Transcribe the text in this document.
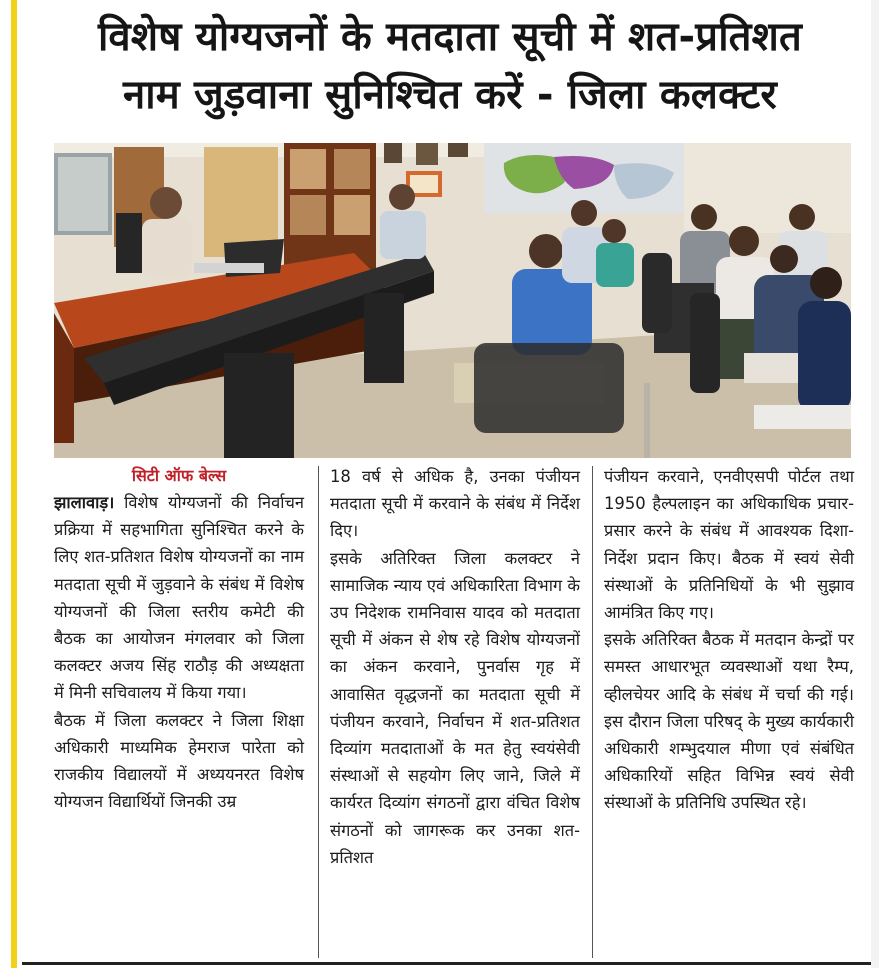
विशेष योग्यजनों के मतदाता सूची में शत-प्रतिशत
नाम जुड़वाना सुनिश्चित करें - जिला कलक्टर
सिटी ऑफ बेल्स

झालावाड़। विशेष योग्यजनों की निर्वाचन प्रक्रिया में सहभागिता सुनिश्चित करने के लिए शत-प्रतिशत विशेष योग्यजनों का नाम मतदाता सूची में जुड़वाने के संबंध में विशेष योग्यजनों की जिला स्तरीय कमेटी की बैठक का आयोजन मंगलवार को जिला कलक्टर अजय सिंह राठौड़ की अध्यक्षता में मिनी सचिवालय में किया गया।

बैठक में जिला कलक्टर ने जिला शिक्षा अधिकारी माध्यमिक हेमराज पारेता को राजकीय विद्यालयों में अध्ययनरत विशेष योग्यजन विद्यार्थियों जिनकी उम्र

18 वर्ष से अधिक है, उनका पंजीयन मतदाता सूची में करवाने के संबंध में निर्देश दिए।

इसके अतिरिक्त जिला कलक्टर ने सामाजिक न्याय एवं अधिकारिता विभाग के उप निदेशक रामनिवास यादव को मतदाता सूची में अंकन से शेष रहे विशेष योग्यजनों का अंकन करवाने, पुनर्वास गृह में आवासित वृद्धजनों का मतदाता सूची में पंजीयन करवाने, निर्वाचन में शत-प्रतिशत दिव्यांग मतदाताओं के मत हेतु स्वयंसेवी संस्थाओं से सहयोग लिए जाने, जिले में कार्यरत दिव्यांग संगठनों द्वारा वंचित विशेष संगठनों को जागरूक कर उनका शत-प्रतिशत

पंजीयन करवाने, एनवीएसपी पोर्टल तथा 1950 हैल्पलाइन का अधिकाधिक प्रचार-प्रसार करने के संबंध में आवश्यक दिशा-निर्देश प्रदान किए। बैठक में स्वयं सेवी संस्थाओं के प्रतिनिधियों के भी सुझाव आमंत्रित किए गए।

इसके अतिरिक्त बैठक में मतदान केन्द्रों पर समस्त आधारभूत व्यवस्थाओं यथा रैम्प, व्हीलचेयर आदि के संबंध में चर्चा की गई। इस दौरान जिला परिषद् के मुख्य कार्यकारी अधिकारी शम्भुदयाल मीणा एवं संबंधित अधिकारियों सहित विभिन्न स्वयं सेवी संस्थाओं के प्रतिनिधि उपस्थित रहे।
